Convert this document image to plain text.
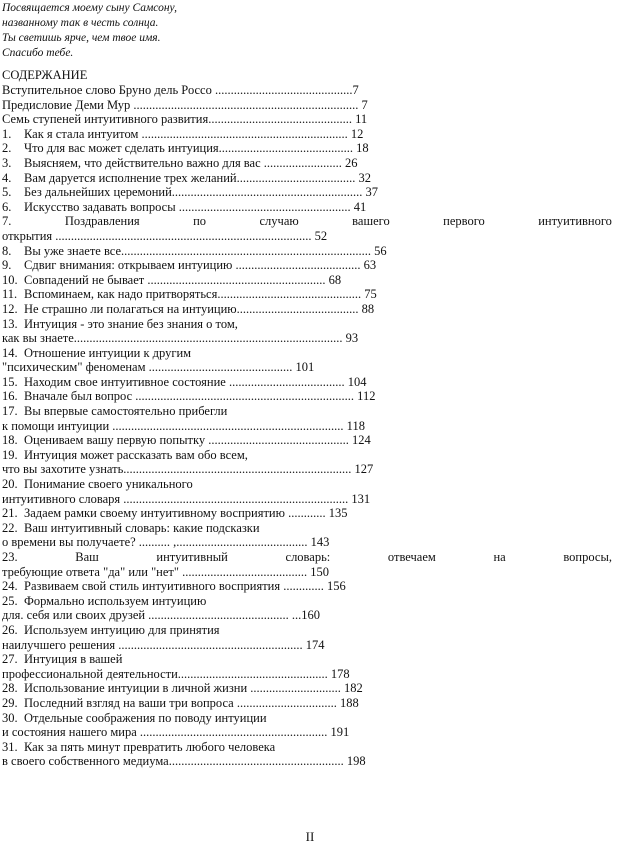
Посвящается моему сыну Самсону,
названному так в честь солнца.
Ты светишь ярче, чем твое имя.
Спасибо тебе.
СОДЕРЖАНИЕ
Вступительное слово Бруно дель Россо ............................................7
Предисловие Деми Мур ........................................................................ 7
Семь ступеней интуитивного развития.............................................. 11
1. Как я стала интуитом .................................................................. 12
2. Что для вас может сделать интуиция........................................... 18
3. Выясняем, что действительно важно для вас ......................... 26
4. Вам даруется исполнение трех желаний...................................... 32
5. Без дальнейших церемоний............................................................. 37
6. Искусство задавать вопросы ....................................................... 41
7.	Поздравления	по	случаю	вашего	первого	интуитивного
открытия .................................................................................. 52
8. Вы уже знаете все................................................................................ 56
9. Сдвиг внимания: открываем интуицию ........................................ 63
10. Совпадений не бывает ......................................................... 68
11. Вспоминаем, как надо притворяться.............................................. 75
12. Не страшно ли полагаться на интуицию....................................... 88
13. Интуиция - это знание без знания о том,
как вы знаете...................................................................................... 93
14. Отношение интуиции к другим
"психическим" феноменам .............................................. 101
15. Находим свое интуитивное состояние ..................................... 104
16. Вначале был вопрос ...................................................................... 112
17. Вы впервые самостоятельно прибегли
к помощи интуиции .......................................................................... 118
18. Оцениваем вашу первую попытку ............................................. 124
19. Интуиция может рассказать вам обо всем,
что вы захотите узнать......................................................................... 127
20. Понимание своего уникального
интуитивного словаря ........................................................................ 131
21. Задаем рамки своему интуитивному восприятию ............ 135
22. Ваш интуитивный словарь: какие подсказки
о времени вы получаете? .......... ,.......................................... 143
23.	Ваш	интуитивный	словарь:	отвечаем	на	вопросы,
требующие ответа "да" или "нет" ........................................ 150
24. Развиваем свой стиль интуитивного восприятия ............. 156
25. Формально используем интуицию
для. себя или своих друзей ............................................. ...160
26. Используем интуицию для принятия
наилучшего решения ........................................................... 174
27. Интуиция в вашей
профессиональной деятельности................................................ 178
28. Использование интуиции в личной жизни ............................. 182
29. Последний взгляд на ваши три вопроса ................................ 188
30. Отдельные соображения по поводу интуиции
и состояния нашего мира ............................................................ 191
31. Как за пять минут превратить любого человека
в своего собственного медиума........................................................ 198
II
